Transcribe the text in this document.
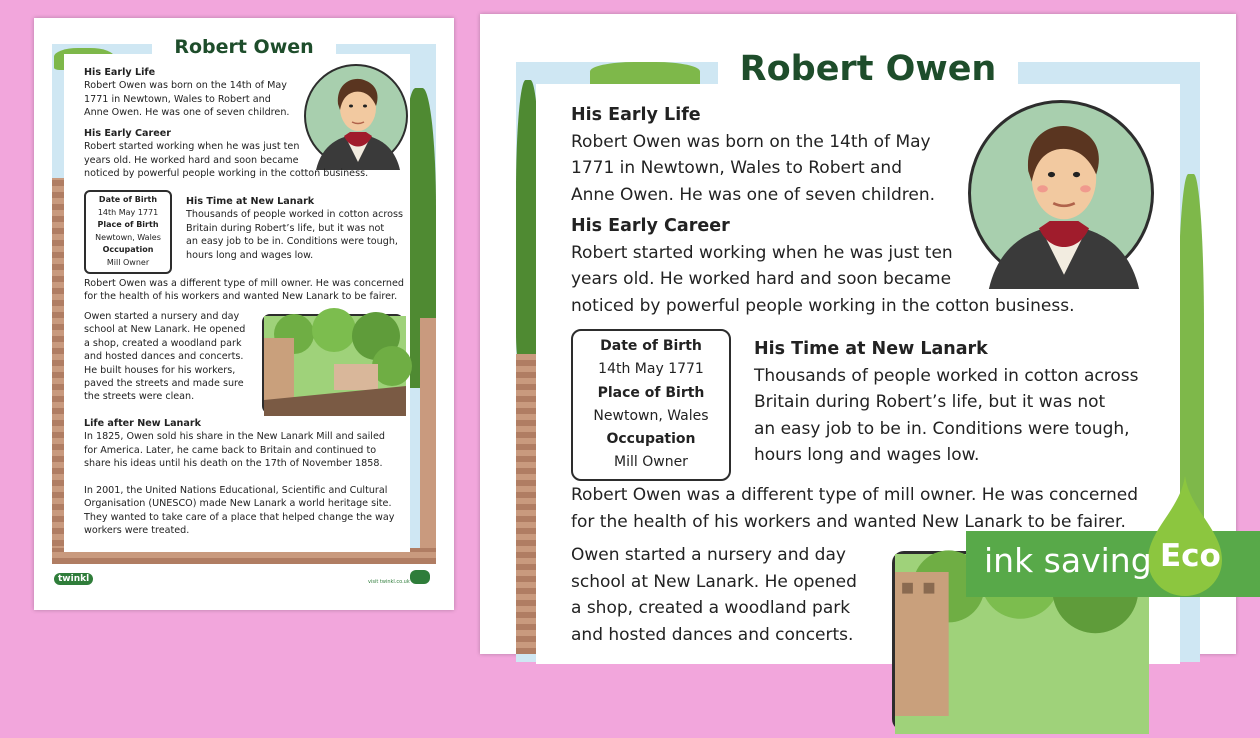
Robert Owen
His Early Life

Robert Owen was born on the 14th of May

1771 in Newtown, Wales to Robert and

Anne Owen. He was one of seven children.

His Early Career

Robert started working when he was just ten

years old. He worked hard and soon became

noticed by powerful people working in the cotton business.

Date of Birth
14th May 1771
Place of Birth
Newtown, Wales
Occupation
Mill Owner
His Time at New Lanark

Thousands of people worked in cotton across

Britain during Robert’s life, but it was not

an easy job to be in. Conditions were tough,

hours long and wages low.

Robert Owen was a different type of mill owner. He was concerned

for the health of his workers and wanted New Lanark to be fairer.

Owen started a nursery and day

school at New Lanark. He opened

a shop, created a woodland park

and hosted dances and concerts.

He built houses for his workers,

paved the streets and made sure

the streets were clean.

Life after New Lanark

In 1825, Owen sold his share in the New Lanark Mill and sailed

for America. Later, he came back to Britain and continued to

share his ideas until his death on the 17th of November 1858.

In 2001, the United Nations Educational, Scientific and Cultural

Organisation (UNESCO) made New Lanark a world heritage site.

They wanted to take care of a place that helped change the way

workers were treated.

twinkl	visit twinkl.co.uk
Robert Owen
His Early Life

Robert Owen was born on the 14th of May

1771 in Newtown, Wales to Robert and

Anne Owen. He was one of seven children.

His Early Career

Robert started working when he was just ten

years old. He worked hard and soon became

noticed by powerful people working in the cotton business.

Date of Birth
14th May 1771
Place of Birth
Newtown, Wales
Occupation
Mill Owner
His Time at New Lanark

Thousands of people worked in cotton across

Britain during Robert’s life, but it was not

an easy job to be in. Conditions were tough,

hours long and wages low.

Robert Owen was a different type of mill owner. He was concerned

for the health of his workers and wanted New Lanark to be fairer.

Owen started a nursery and day

school at New Lanark. He opened

a shop, created a woodland park

and hosted dances and concerts.

ink saving Eco
